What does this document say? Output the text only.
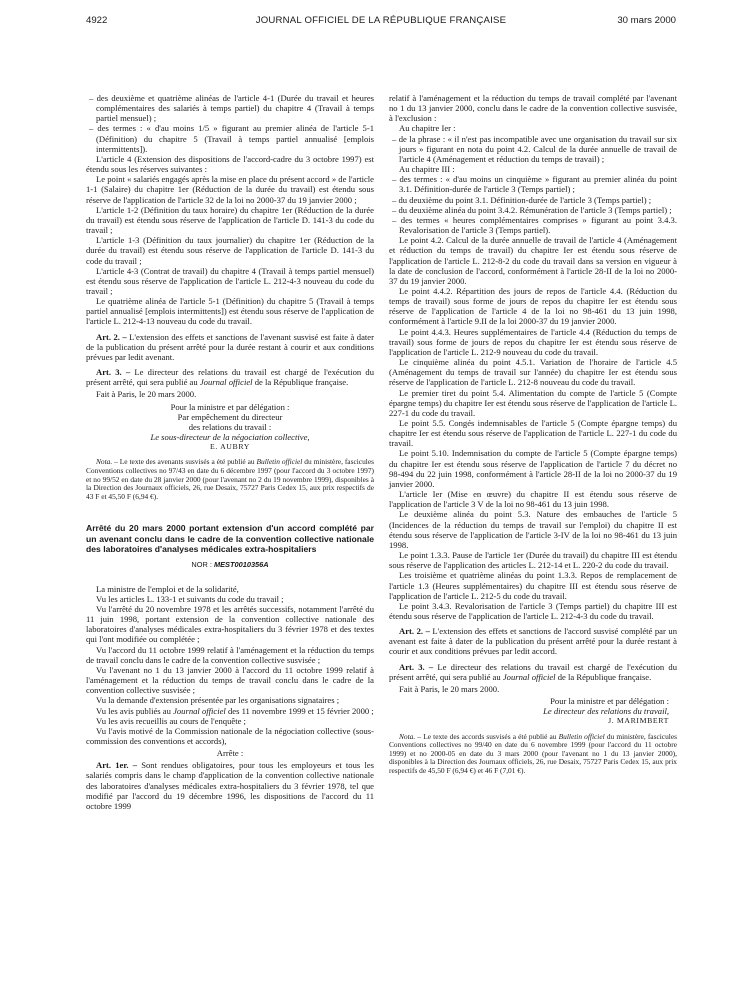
4922	JOURNAL OFFICIEL DE LA RÉPUBLIQUE FRANÇAISE	30 mars 2000

– des deuxième et quatrième alinéas de l'article 4-1 (Durée du travail et heures complémentaires des salariés à temps partiel) du chapitre 4 (Travail à temps partiel mensuel) ;

– des termes : « d'au moins 1/5 » figurant au premier alinéa de l'article 5-1 (Définition) du chapitre 5 (Travail à temps partiel annualisé [emplois intermittents]).

L'article 4 (Extension des dispositions de l'accord-cadre du 3 octobre 1997) est étendu sous les réserves suivantes :

Le point « salariés engagés après la mise en place du présent accord » de l'article 1-1 (Salaire) du chapitre 1er (Réduction de la durée du travail) est étendu sous réserve de l'application de l'article 32 de la loi no 2000-37 du 19 janvier 2000 ;

L'article 1-2 (Définition du taux horaire) du chapitre 1er (Réduction de la durée du travail) est étendu sous réserve de l'application de l'article D. 141-3 du code du travail ;

L'article 1-3 (Définition du taux journalier) du chapitre 1er (Réduction de la durée du travail) est étendu sous réserve de l'application de l'article D. 141-3 du code du travail ;

L'article 4-3 (Contrat de travail) du chapitre 4 (Travail à temps partiel mensuel) est étendu sous réserve de l'application de l'article L. 212-4-3 nouveau du code du travail ;

Le quatrième alinéa de l'article 5-1 (Définition) du chapitre 5 (Travail à temps partiel annualisé [emplois intermittents]) est étendu sous réserve de l'application de l'article L. 212-4-13 nouveau du code du travail.

Art. 2. – L'extension des effets et sanctions de l'avenant susvisé est faite à dater de la publication du présent arrêté pour la durée restant à courir et aux conditions prévues par ledit avenant.

Art. 3. – Le directeur des relations du travail est chargé de l'exécution du présent arrêté, qui sera publié au Journal officiel de la République française.

Fait à Paris, le 20 mars 2000.

Pour la ministre et par délégation :

Par empêchement du directeur

des relations du travail :

Le sous-directeur de la négociation collective,

E. AUBRY

Nota. – Le texte des avenants susvisés a été publié au Bulletin officiel du ministère, fascicules Conventions collectives no 97/43 en date du 6 décembre 1997 (pour l'accord du 3 octobre 1997) et no 99/52 en date du 28 janvier 2000 (pour l'avenant no 2 du 19 novembre 1999), disponibles à la Direction des Journaux officiels, 26, rue Desaix, 75727 Paris Cedex 15, aux prix respectifs de 43 F et 45,50 F (6,94 €).

Arrêté du 20 mars 2000 portant extension d'un accord complété par un avenant conclu dans le cadre de la convention collective nationale des laboratoires d'analyses médicales extra-hospitaliers

NOR : MEST0010356A

La ministre de l'emploi et de la solidarité,

Vu les articles L. 133-1 et suivants du code du travail ;

Vu l'arrêté du 20 novembre 1978 et les arrêtés successifs, notamment l'arrêté du 11 juin 1998, portant extension de la convention collective nationale des laboratoires d'analyses médicales extra-hospitaliers du 3 février 1978 et des textes qui l'ont modifiée ou complétée ;

Vu l'accord du 11 octobre 1999 relatif à l'aménagement et la réduction du temps de travail conclu dans le cadre de la convention collective susvisée ;

Vu l'avenant no 1 du 13 janvier 2000 à l'accord du 11 octobre 1999 relatif à l'aménagement et la réduction du temps de travail conclu dans le cadre de la convention collective susvisée ;

Vu la demande d'extension présentée par les organisations signataires ;

Vu les avis publiés au Journal officiel des 11 novembre 1999 et 15 février 2000 ;

Vu les avis recueillis au cours de l'enquête ;

Vu l'avis motivé de la Commission nationale de la négociation collective (sous-commission des conventions et accords),

Arrête :

Art. 1er. – Sont rendues obligatoires, pour tous les employeurs et tous les salariés compris dans le champ d'application de la convention collective nationale des laboratoires d'analyses médicales extra-hospitaliers du 3 février 1978, tel que modifié par l'accord du 19 décembre 1996, les dispositions de l'accord du 11 octobre 1999

relatif à l'aménagement et la réduction du temps de travail complété par l'avenant no 1 du 13 janvier 2000, conclu dans le cadre de la convention collective susvisée, à l'exclusion :

Au chapitre Ier :

– de la phrase : « il n'est pas incompatible avec une organisation du travail sur six jours » figurant en nota du point 4.2. Calcul de la durée annuelle de travail de l'article 4 (Aménagement et réduction du temps de travail) ;

Au chapitre III :

– des termes : « d'au moins un cinquième » figurant au premier alinéa du point 3.1. Définition-durée de l'article 3 (Temps partiel) ;

– du deuxième du point 3.1. Définition-durée de l'article 3 (Temps partiel) ;

– du deuxième alinéa du point 3.4.2. Rémunération de l'article 3 (Temps partiel) ;

– des termes « heures complémentaires comprises » figurant au point 3.4.3. Revalorisation de l'article 3 (Temps partiel).

Le point 4.2. Calcul de la durée annuelle de travail de l'article 4 (Aménagement et réduction du temps de travail) du chapitre Ier est étendu sous réserve de l'application de l'article L. 212-8-2 du code du travail dans sa version en vigueur à la date de conclusion de l'accord, conformément à l'article 28-II de la loi no 2000-37 du 19 janvier 2000.

Le point 4.4.2. Répartition des jours de repos de l'article 4.4. (Réduction du temps de travail) sous forme de jours de repos du chapitre Ier est étendu sous réserve de l'application de l'article 4 de la loi no 98-461 du 13 juin 1998, conformément à l'article 9.II de la loi 2000-37 du 19 janvier 2000.

Le point 4.4.3. Heures supplémentaires de l'article 4.4 (Réduction du temps de travail) sous forme de jours de repos du chapitre Ier est étendu sous réserve de l'application de l'article L. 212-9 nouveau du code du travail.

Le cinquième alinéa du point 4.5.1. Variation de l'horaire de l'article 4.5 (Aménagement du temps de travail sur l'année) du chapitre Ier est étendu sous réserve de l'application de l'article L. 212-8 nouveau du code du travail.

Le premier tiret du point 5.4. Alimentation du compte de l'article 5 (Compte épargne temps) du chapitre Ier est étendu sous réserve de l'application de l'article L. 227-1 du code du travail.

Le point 5.5. Congés indemnisables de l'article 5 (Compte épargne temps) du chapitre Ier est étendu sous réserve de l'application de l'article L. 227-1 du code du travail.

Le point 5.10. Indemnisation du compte de l'article 5 (Compte épargne temps) du chapitre Ier est étendu sous réserve de l'application de l'article 7 du décret no 98-494 du 22 juin 1998, conformément à l'article 28-II de la loi no 2000-37 du 19 janvier 2000.

L'article Ier (Mise en œuvre) du chapitre II est étendu sous réserve de l'application de l'article 3 V de la loi no 98-461 du 13 juin 1998.

Le deuxième alinéa du point 5.3. Nature des embauches de l'article 5 (Incidences de la réduction du temps de travail sur l'emploi) du chapitre II est étendu sous réserve de l'application de l'article 3-IV de la loi no 98-461 du 13 juin 1998.

Le point 1.3.3. Pause de l'article 1er (Durée du travail) du chapitre III est étendu sous réserve de l'application des articles L. 212-14 et L. 220-2 du code du travail.

Les troisième et quatrième alinéas du point 1.3.3. Repos de remplacement de l'article 1.3 (Heures supplémentaires) du chapitre III est étendu sous réserve de l'application de l'article L. 212-5 du code du travail.

Le point 3.4.3. Revalorisation de l'article 3 (Temps partiel) du chapitre III est étendu sous réserve de l'application de l'article L. 212-4-3 du code du travail.

Art. 2. – L'extension des effets et sanctions de l'accord susvisé complété par un avenant est faite à dater de la publication du présent arrêté pour la durée restant à courir et aux conditions prévues par ledit accord.

Art. 3. – Le directeur des relations du travail est chargé de l'exécution du présent arrêté, qui sera publié au Journal officiel de la République française.

Fait à Paris, le 20 mars 2000.

Pour la ministre et par délégation :

Le directeur des relations du travail,

J. MARIMBERT

Nota. – Le texte des accords susvisés a été publié au Bulletin officiel du ministère, fascicules Conventions collectives no 99/40 en date du 6 novembre 1999 (pour l'accord du 11 octobre 1999) et no 2000-05 en date du 3 mars 2000 (pour l'avenant no 1 du 13 janvier 2000), disponibles à la Direction des Journaux officiels, 26, rue Desaix, 75727 Paris Cedex 15, aux prix respectifs de 45,50 F (6,94 €) et 46 F (7,01 €).
